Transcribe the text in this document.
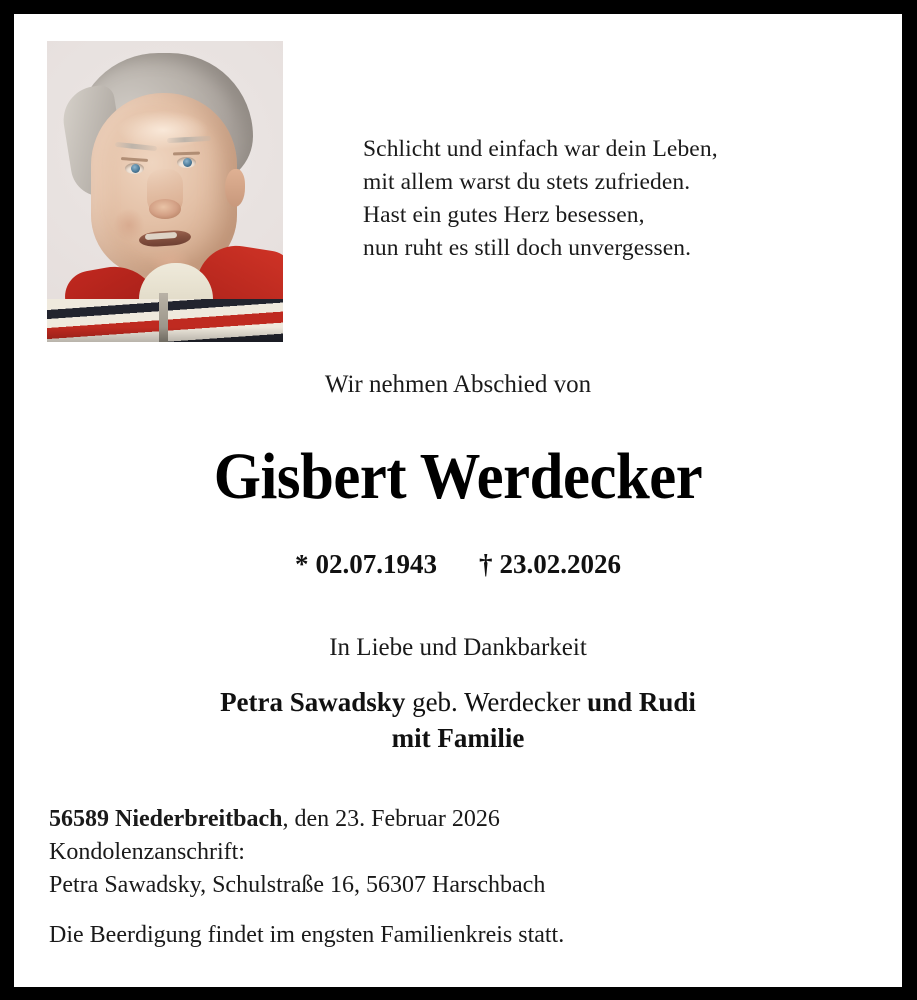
Schlicht und einfach war dein Leben,
mit allem warst du stets zufrieden.
Hast ein gutes Herz besessen,
nun ruht es still doch unvergessen.
Wir nehmen Abschied von
Gisbert Werdecker
* 02.07.1943 † 23.02.2026
In Liebe und Dankbarkeit
Petra Sawadsky geb. Werdecker und Rudi
mit Familie
56589 Niederbreitbach, den 23. Februar 2026
Kondolenzanschrift:
Petra Sawadsky, Schulstraße 16, 56307 Harschbach
Die Beerdigung findet im engsten Familienkreis statt.
